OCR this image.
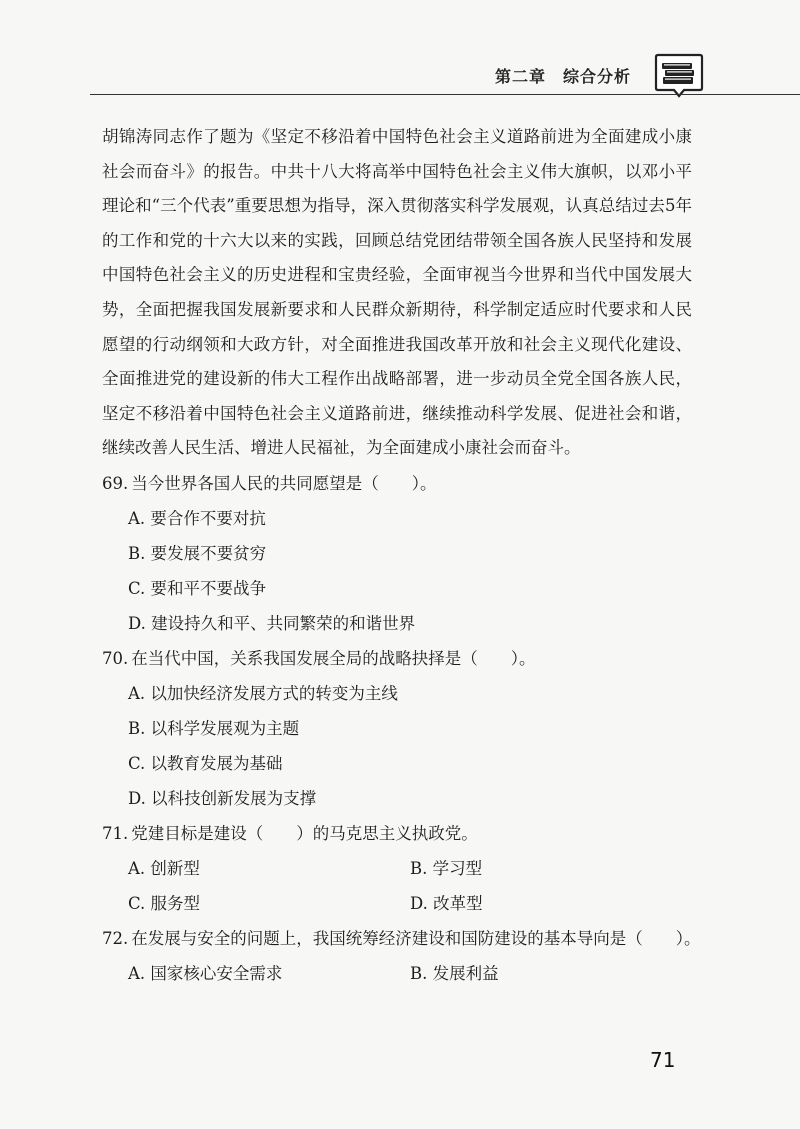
第二章　综合分析

胡锦涛同志作了题为《坚定不移沿着中国特色社会主义道路前进为全面建成小康社会而奋斗》的报告。中共十八大将高举中国特色社会主义伟大旗帜，以邓小平理论和“三个代表”重要思想为指导，深入贯彻落实科学发展观，认真总结过去5年的工作和党的十六大以来的实践，回顾总结党团结带领全国各族人民坚持和发展中国特色社会主义的历史进程和宝贵经验，全面审视当今世界和当代中国发展大势，全面把握我国发展新要求和人民群众新期待，科学制定适应时代要求和人民愿望的行动纲领和大政方针，对全面推进我国改革开放和社会主义现代化建设、全面推进党的建设新的伟大工程作出战略部署，进一步动员全党全国各族人民，坚定不移沿着中国特色社会主义道路前进，继续推动科学发展、促进社会和谐，继续改善人民生活、增进人民福祉，为全面建成小康社会而奋斗。

69. 当今世界各国人民的共同愿望是（　　）。
A. 要合作不要对抗
B. 要发展不要贫穷
C. 要和平不要战争
D. 建设持久和平、共同繁荣的和谐世界
70. 在当代中国，关系我国发展全局的战略抉择是（　　）。
A. 以加快经济发展方式的转变为主线
B. 以科学发展观为主题
C. 以教育发展为基础
D. 以科技创新发展为支撑
71. 党建目标是建设（　　）的马克思主义执政党。
A. 创新型	B. 学习型
C. 服务型	D. 改革型
72. 在发展与安全的问题上，我国统筹经济建设和国防建设的基本导向是（　　）。
A. 国家核心安全需求	B. 发展利益
71
